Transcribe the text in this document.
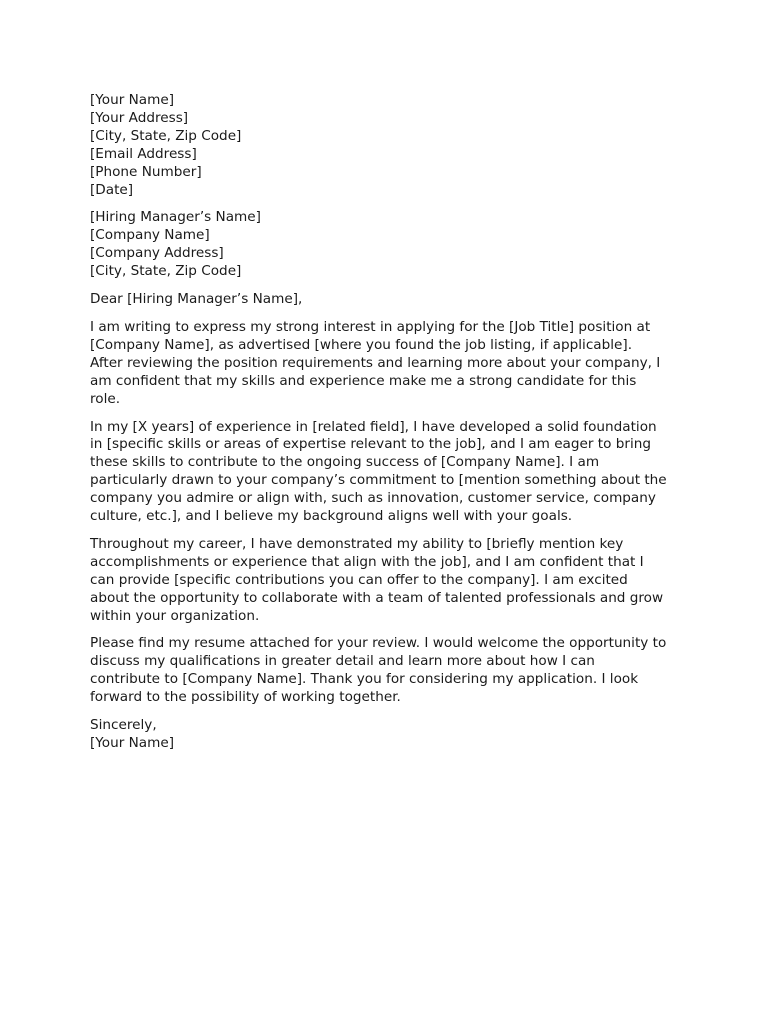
[Your Name]
[Your Address]
[City, State, Zip Code]
[Email Address]
[Phone Number]
[Date]
[Hiring Manager’s Name]
[Company Name]
[Company Address]
[City, State, Zip Code]
Dear [Hiring Manager’s Name],

I am writing to express my strong interest in applying for the [Job Title] position at
[Company Name], as advertised [where you found the job listing, if applicable].
After reviewing the position requirements and learning more about your company, I
am confident that my skills and experience make me a strong candidate for this
role.

In my [X years] of experience in [related field], I have developed a solid foundation
in [specific skills or areas of expertise relevant to the job], and I am eager to bring
these skills to contribute to the ongoing success of [Company Name]. I am
particularly drawn to your company’s commitment to [mention something about the
company you admire or align with, such as innovation, customer service, company
culture, etc.], and I believe my background aligns well with your goals.

Throughout my career, I have demonstrated my ability to [briefly mention key
accomplishments or experience that align with the job], and I am confident that I
can provide [specific contributions you can offer to the company]. I am excited
about the opportunity to collaborate with a team of talented professionals and grow
within your organization.

Please find my resume attached for your review. I would welcome the opportunity to
discuss my qualifications in greater detail and learn more about how I can
contribute to [Company Name]. Thank you for considering my application. I look
forward to the possibility of working together.

Sincerely,
[Your Name]
